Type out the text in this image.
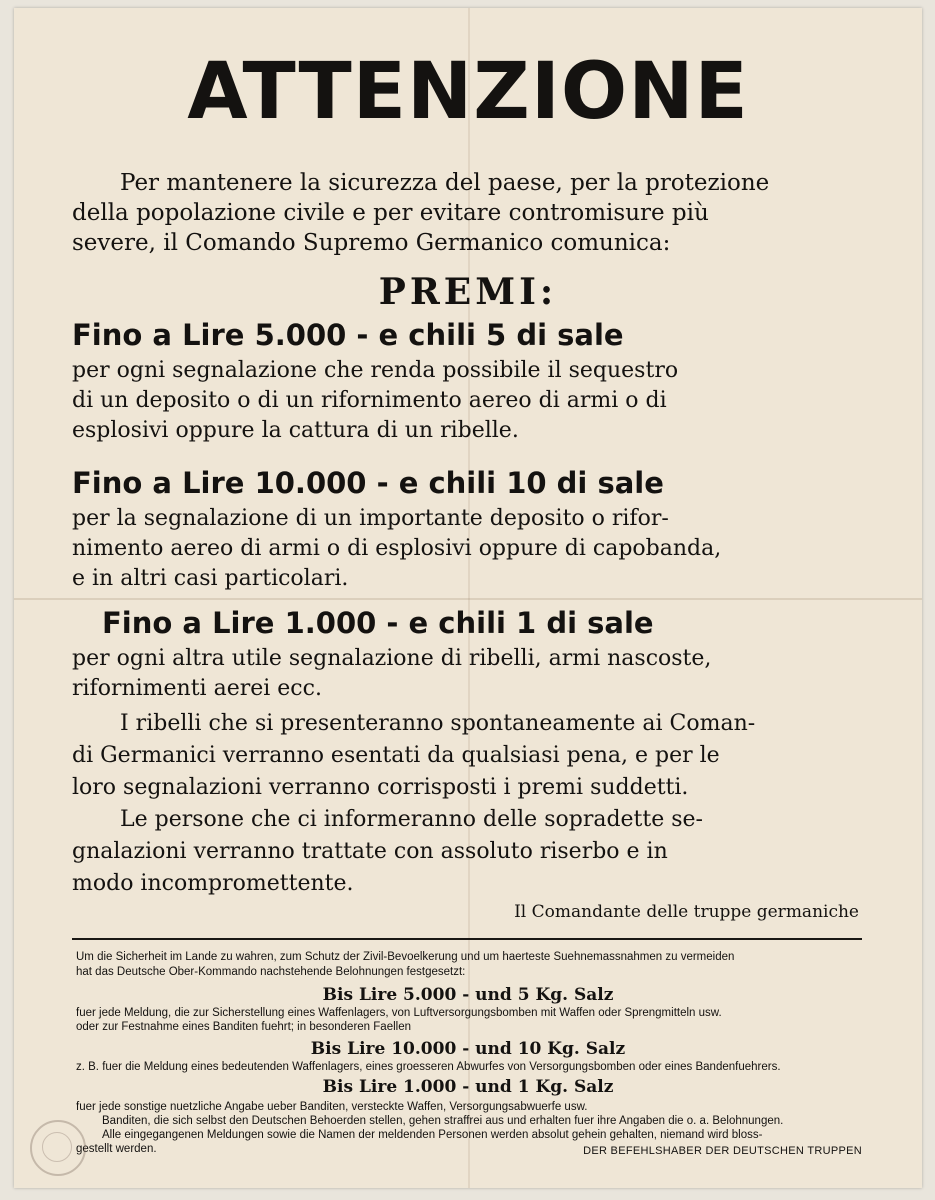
ATTENZIONE
Per mantenere la sicurezza del paese, per la protezione
della popolazione civile e per evitare contromisure più
severe, il Comando Supremo Germanico comunica:
PREMI:
Fino a Lire 5.000 - e chili 5 di sale
per ogni segnalazione che renda possibile il sequestro
di un deposito o di un rifornimento aereo di armi o di
esplosivi oppure la cattura di un ribelle.
Fino a Lire 10.000 - e chili 10 di sale
per la segnalazione di un importante deposito o rifor-
nimento aereo di armi o di esplosivi oppure di capobanda,
e in altri casi particolari.
Fino a Lire 1.000 - e chili 1 di sale
per ogni altra utile segnalazione di ribelli, armi nascoste,
rifornimenti aerei ecc.
I ribelli che si presenteranno spontaneamente ai Coman-
di Germanici verranno esentati da qualsiasi pena, e per le
loro segnalazioni verranno corrisposti i premi suddetti.
Le persone che ci informeranno delle sopradette se-
gnalazioni verranno trattate con assoluto riserbo e in
modo incompromettente.
Il Comandante delle truppe germaniche
Um die Sicherheit im Lande zu wahren, zum Schutz der Zivil-Bevoelkerung und um haerteste Suehnemassnahmen zu vermeiden
hat das Deutsche Ober-Kommando nachstehende Belohnungen festgesetzt:
Bis Lire 5.000 - und 5 Kg. Salz
fuer jede Meldung, die zur Sicherstellung eines Waffenlagers, von Luftversorgungsbomben mit Waffen oder Sprengmitteln usw.
oder zur Festnahme eines Banditen fuehrt; in besonderen Faellen
Bis Lire 10.000 - und 10 Kg. Salz
z. B. fuer die Meldung eines bedeutenden Waffenlagers, eines groesseren Abwurfes von Versorgungsbomben oder eines Bandenfuehrers.
Bis Lire 1.000 - und 1 Kg. Salz
fuer jede sonstige nuetzliche Angabe ueber Banditen, versteckte Waffen, Versorgungsabwuerfe usw.
Banditen, die sich selbst den Deutschen Behoerden stellen, gehen straffrei aus und erhalten fuer ihre Angaben die o. a. Belohnungen.
Alle eingegangenen Meldungen sowie die Namen der meldenden Personen werden absolut gehein gehalten, niemand wird bloss-
gestellt werden.	DER BEFEHLSHABER DER DEUTSCHEN TRUPPEN
